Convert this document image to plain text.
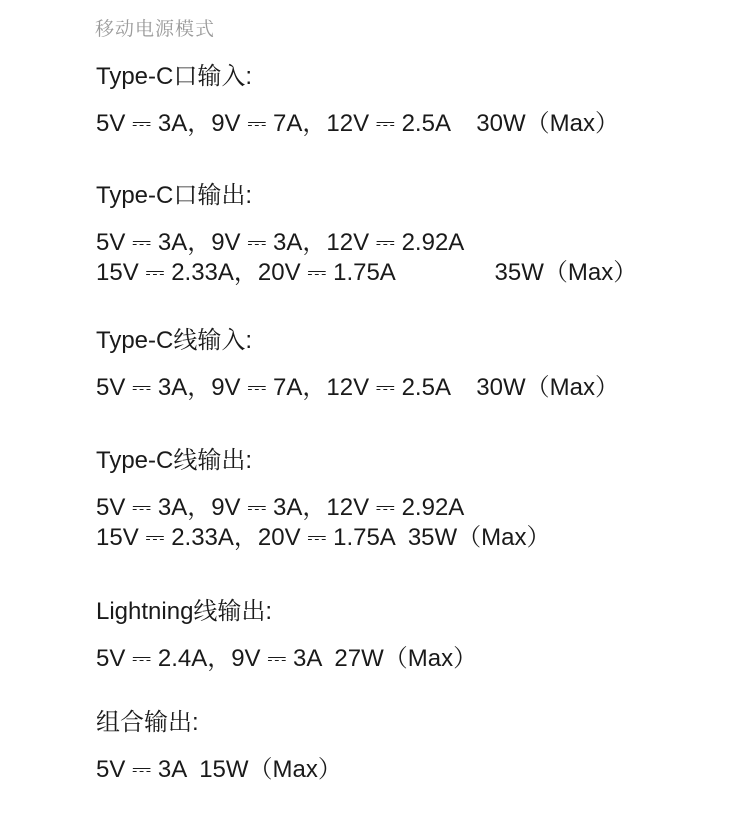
移动电源模式
Type-C口输入:
5V ⎓ 3A，9V ⎓ 7A，12V ⎓ 2.5A    30W（Max）
Type-C口输出:
5V ⎓ 3A，9V ⎓ 3A，12V ⎓ 2.92A
15V ⎓ 2.33A，20V ⎓ 1.75A               35W（Max）
Type-C线输入:
5V ⎓ 3A，9V ⎓ 7A，12V ⎓ 2.5A    30W（Max）
Type-C线输出:
5V ⎓ 3A，9V ⎓ 3A，12V ⎓ 2.92A
15V ⎓ 2.33A，20V ⎓ 1.75A  35W（Max）
Lightning线输出:
5V ⎓ 2.4A，9V ⎓ 3A  27W（Max）
组合输出:
5V ⎓ 3A  15W（Max）
